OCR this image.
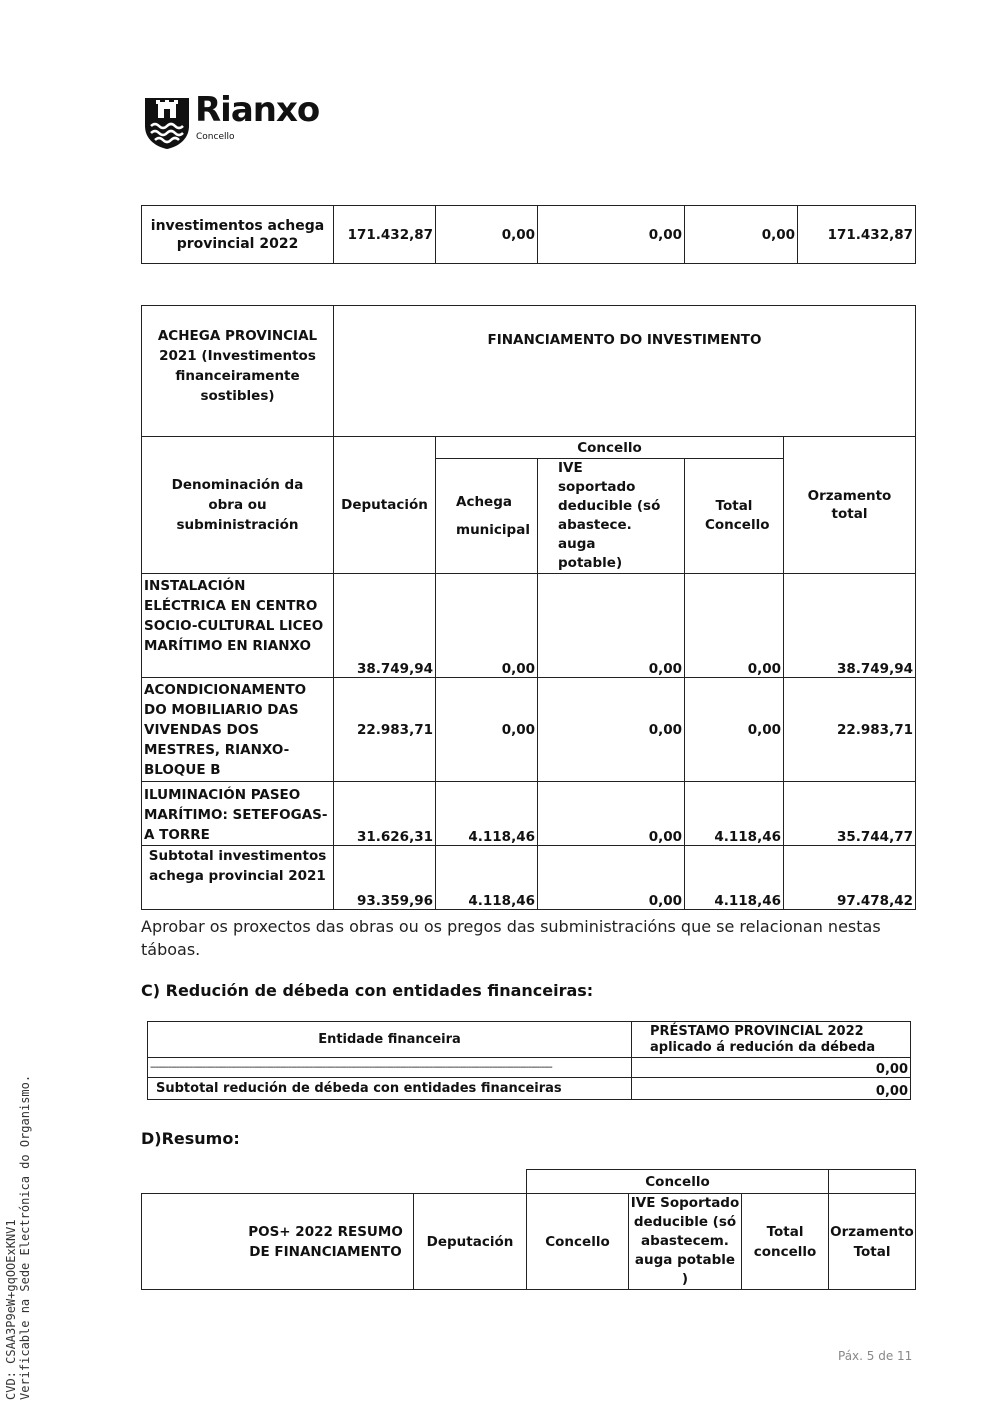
Rianxo
Concello
investimentos achega provincial 2022	171.432,87	0,00	0,00	0,00	171.432,87
ACHEGA PROVINCIAL 2021 (Investimentos financeiramente sostibles)	FINANCIAMENTO DO INVESTIMENTO				
Denominación da obra ou subministración	Deputación	Concello			Orzamento total
		Achega municipal	IVE soportado deducible (só abastece. auga potable)	Total Concello	
INSTALACIÓN ELÉCTRICA EN CENTRO SOCIO-CULTURAL LICEO MARÍTIMO EN RIANXO	38.749,94	0,00	0,00	0,00	38.749,94
ACONDICIONAMENTO DO MOBILIARIO DAS VIVENDAS DOS MESTRES, RIANXO-BLOQUE B	22.983,71	0,00	0,00	0,00	22.983,71
ILUMINACIÓN PASEO MARÍTIMO: SETEFOGAS-A TORRE	31.626,31	4.118,46	0,00	4.118,46	35.744,77
Subtotal investimentos achega provincial 2021	93.359,96	4.118,46	0,00	4.118,46	97.478,42
Aprobar os proxectos das obras ou os pregos das subministracións que se relacionan nestas táboas.
C) Redución de débeda con entidades financeiras:
Entidade financeira	PRÉSTAMO PROVINCIAL 2022 aplicado á redución da débeda
----------------------------------------------------------------------------------------------------------------------------------------------------------	0,00
Subtotal redución de débeda con entidades financeiras	0,00
D)Resumo:
		Concello			
POS+ 2022 RESUMO DE FINANCIAMENTO	Deputación	Concello	IVE Soportado deducible (só abastecem. auga potable )	Total concello	Orzamento Total
CVD: CSAA3P9eW+gqOOExKNV1 Verificable na Sede Electrónica do Organismo.	Páx. 5 de 11
